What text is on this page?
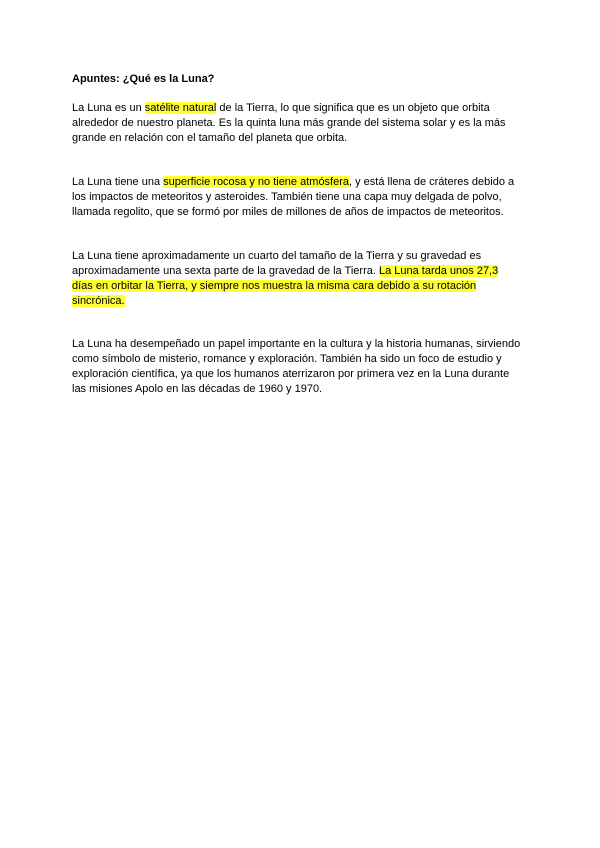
Apuntes: ¿Qué es la Luna?
La Luna es un satélite natural de la Tierra, lo que significa que es un objeto que orbita
alrededor de nuestro planeta. Es la quinta luna más grande del sistema solar y es la más
grande en relación con el tamaño del planeta que orbita.
La Luna tiene una superficie rocosa y no tiene atmósfera, y está llena de cráteres debido a
los impactos de meteoritos y asteroides. También tiene una capa muy delgada de polvo,
llamada regolito, que se formó por miles de millones de años de impactos de meteoritos.
La Luna tiene aproximadamente un cuarto del tamaño de la Tierra y su gravedad es
aproximadamente una sexta parte de la gravedad de la Tierra. La Luna tarda unos 27,3
días en orbitar la Tierra, y siempre nos muestra la misma cara debido a su rotación
sincrónica.
La Luna ha desempeñado un papel importante en la cultura y la historia humanas, sirviendo
como símbolo de misterio, romance y exploración. También ha sido un foco de estudio y
exploración científica, ya que los humanos aterrizaron por primera vez en la Luna durante
las misiones Apolo en las décadas de 1960 y 1970.
